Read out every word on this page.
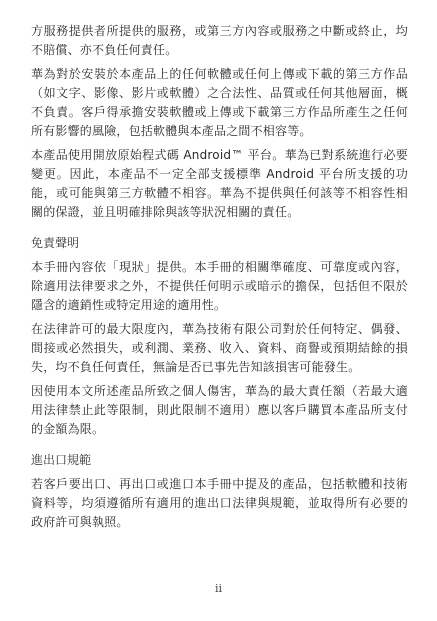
方服務提供者所提供的服務，或第三方內容或服務之中斷或終止，均不賠償、亦不負任何責任。

華為對於安裝於本產品上的任何軟體或任何上傳或下載的第三方作品（如文字、影像、影片或軟體）之合法性、品質或任何其他層面，概不負責。客戶得承擔安裝軟體或上傳或下載第三方作品所產生之任何所有影響的風險，包括軟體與本產品之間不相容等。

本產品使用開放原始程式碼 Android™ 平台。華為已對系統進行必要變更。因此，本產品不一定全部支援標準 Android 平台所支援的功能，或可能與第三方軟體不相容。華為不提供與任何該等不相容性相關的保證，並且明確排除與該等狀況相關的責任。

免責聲明

本手冊內容依「現狀」提供。本手冊的相關準確度、可靠度或內容，除適用法律要求之外，不提供任何明示或暗示的擔保，包括但不限於隱含的適銷性或特定用途的適用性。

在法律許可的最大限度內，華為技術有限公司對於任何特定、偶發、間接或必然損失，或利潤、業務、收入、資料、商譽或預期結餘的損失，均不負任何責任，無論是否已事先告知該損害可能發生。

因使用本文所述產品所致之個人傷害，華為的最大責任額（若最大適用法律禁止此等限制，則此限制不適用）應以客戶購買本產品所支付的金額為限。

進出口規範

若客戶要出口、再出口或進口本手冊中提及的產品，包括軟體和技術資料等，均須遵循所有適用的進出口法律與規範，並取得所有必要的政府許可與執照。

ii
